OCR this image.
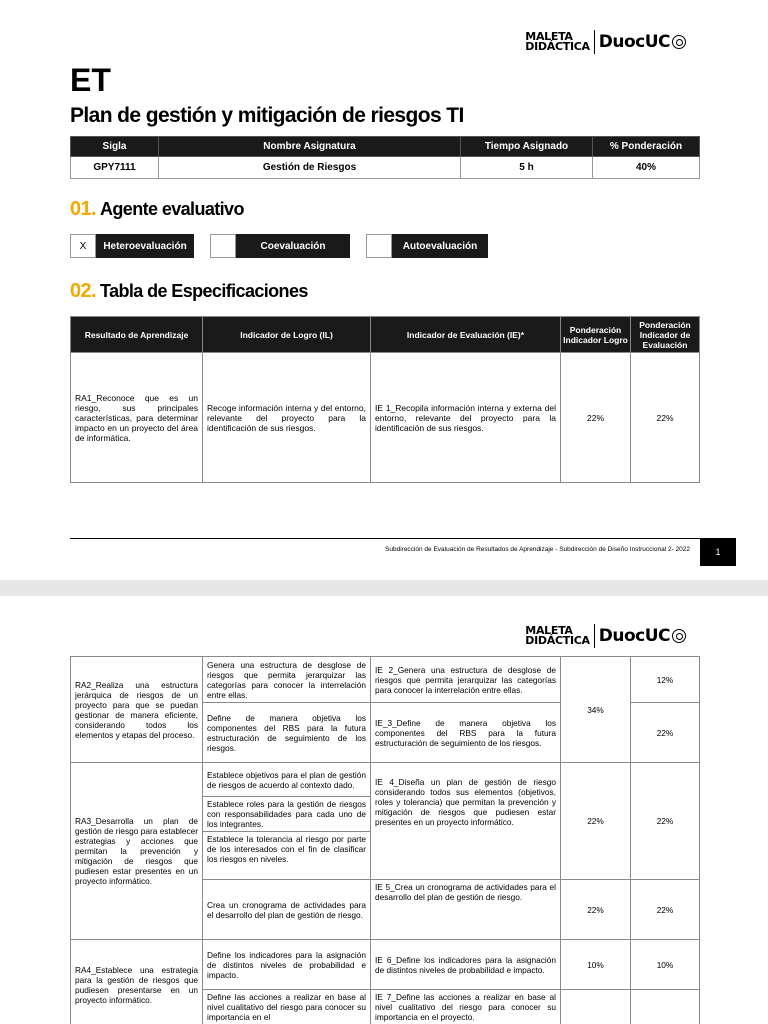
MALETA
DIDÁCTICA DuocUC
ET
Plan de gestión y mitigación de riesgos TI
Sigla	Nombre Asignatura	Tiempo Asignado	% Ponderación
GPY7111	Gestión de Riesgos	5 h	40%
01. Agente evaluativo
X	Heteroevaluación	Coevaluación	Autoevaluación
02. Tabla de Especificaciones
Resultado de Aprendizaje	Indicador de Logro (IL)	Indicador de Evaluación (IE)*	Ponderación Indicador Logro	Ponderación Indicador de Evaluación
RA1_Reconoce que es un riesgo, sus principales características, para determinar impacto en un proyecto del área de informática.	Recoge información interna y del entorno, relevante del proyecto para la identificación de sus riesgos.	IE 1_Recopila información interna y externa del entorno, relevante del proyecto para la identificación de sus riesgos.	22%	22%
Subdirección de Evaluación de Resultados de Aprendizaje - Subdirección de Diseño Instruccional 2- 2022	1
MALETA
DIDÁCTICA DuocUC
RA2_Realiza una estructura jerárquica de riesgos de un proyecto para que se puedan gestionar de manera eficiente, considerando todos los elementos y etapas del proceso.	Genera una estructura de desglose de riesgos que permita jerarquizar las categorías para conocer la interrelación entre ellas.	IE 2_Genera una estructura de desglose de riesgos que permita jerarquizar las categorías para conocer la interrelación entre ellas.	34%	12%
	Define de manera objetiva los componentes del RBS para la futura estructuración de seguimiento de los riesgos.	IE_3_Define de manera objetiva los componentes del RBS para la futura estructuración de seguimiento de los riesgos.		22%
RA3_Desarrolla un plan de gestión de riesgo para establecer estrategias y acciones que permitan la prevención y mitigación de riesgos que pudiesen estar presentes en un proyecto informático.	Establece objetivos para el plan de gestión de riesgos de acuerdo al contexto dado.	IE 4_Diseña un plan de gestión de riesgo considerando todos sus elementos (objetivos, roles y tolerancia) que permitan la prevención y mitigación de riesgos que pudiesen estar presentes en un proyecto informático.	22%	22%
	Establece roles para la gestión de riesgos con responsabilidades para cada uno de los integrantes.			
	Establece la tolerancia al riesgo por parte de los interesados con el fin de clasificar los riesgos en niveles.			
	Crea un cronograma de actividades para el desarrollo del plan de gestión de riesgo.	IE 5_Crea un cronograma de actividades para el desarrollo del plan de gestión de riesgo.	22%	22%
RA4_Establece una estrategia para la gestión de riesgos que pudiesen presentarse en un proyecto informático.	Define los indicadores para la asignación de distintos niveles de probabilidad e impacto.	IE 6_Define los indicadores para la asignación de distintos niveles de probabilidad e impacto.	10%	10%
	Define las acciones a realizar en base al nivel cualitativo del riesgo para conocer su importancia en el	IE 7_Define las acciones a realizar en base al nivel cualitativo del riesgo para conocer su importancia en el proyecto.		
